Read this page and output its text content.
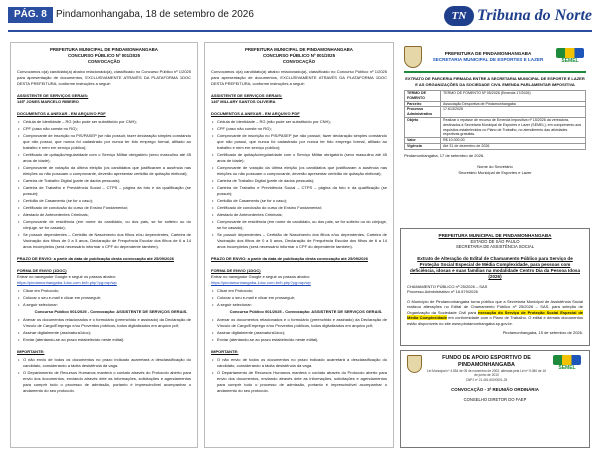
PÁG. 8 Pindamonhangaba, 18 de setembro de 2026	TN Tribuna do Norte
PREFEITURA MUNICIPAL DE PINDAMONHANGABA
CONCURSO PÚBLICO Nº 001/2025
CONVOCAÇÃO

Convocamos o(a) candidato(a) abaixo relacionado(a), classificado no Concurso Público nº 1/2025 para apresentação de documentos, EXCLUSIVAMENTE ATRAVÉS DA PLATAFORMA 1DOC DESTA PREFEITURA, conforme instruções a seguir:

ASSISTENTE DE SERVIÇOS GERAIS:

145º JONES MARCELO RIBEIRO

DOCUMENTOS A ANEXAR - EM ARQUIVO PDF

• Cédula de Identidade – RG (não pode ser substituído por CNH);
• CPF (caso não conste no RG);
• Comprovante de inscrição no PIS/PASEP (se não possuir, fazer declaração simples constando que não possui, que nunca foi cadastrado por nunca ter tido emprego formal, afiliado ao trabalho e nem em serviço público);
• Certificado de quitação/regularidade com o Serviço Militar obrigatório (sexo masculino até 45 anos de idade);
• Comprovante de votação da última eleição (os candidatos que justificaram a ausência nas eleições ou não possuam o comprovante, deverão apresentar certidão de quitação eleitoral);
• Carteira de Trabalho Digital (parte de dados pessoais);
• Carteira de Trabalho e Previdência Social – CTPS – página da foto e da qualificação (se possuir);
• Certidão de Casamento (se for o caso);
• Certificado de conclusão do curso de Ensino Fundamental;
• Atestado de Antecedentes Criminais;
• Comprovante de residência (em nome do candidato, ou dos pais, se for solteiro ou do cônjuge, se for casado);
• Se possuir dependentes – Certidão de Nascimento dos filhos e/ou dependentes, Carteira de Vacinação dos filhos de 0 a 5 anos, Declaração de Frequência Escolar dos filhos de 6 a 14 anos incompletos (será necessário informar o CPF do dependente também).

PRAZO DE ENVIO: a partir da data de publicação desta convocação até 25/09/2026

FORMA DE ENVIO (1DOC)

Entrar no navegador Google e seguir os passos abaixo:

https://pindamonhangaba.1doc.com.br/b.php?pg=wp/wp

• Clicar em Protocolo;
• Colocar o seu e-mail e clicar em prosseguir;
• A seguir selecionar:

Concurso Público 001/2025 - Convocação: ASSISTENTE DE SERVIÇOS GERAIS.

• Anexar os documentos relacionados e o formulário (preenchido e assinado) da Declaração de Vínculo de Cargo/Emprego e/ou Proventos públicos, todos digitalizados em arquivo pdf;
• Assinar digitalmente (assinatura1doc);
• Enviar (atentando-se ao prazo estabelecido neste edital).

IMPORTANTE:

• O não envio de todos os documentos no prazo indicado acarretará a desclassificação do candidato, considerando a tácita desistência da vaga.
• O Departamento de Recursos Humanos manterá o contato através do Protocolo aberto para envio dos documentos, enviando através dele as informações, solicitações e agendamentos para cumprir todo o processo de admissão, portanto é imprescindível acompanhar o andamento do seu protocolo.
PREFEITURA MUNICIPAL DE PINDAMONHANGABA
CONCURSO PÚBLICO Nº 001/2025
CONVOCAÇÃO

Convocamos o(a) candidato(a) abaixo relacionado(a), classificado no Concurso Público nº 1/2025 para apresentação de documentos, EXCLUSIVAMENTE ATRAVÉS DA PLATAFORMA 1DOC DESTA PREFEITURA, conforme instruções a seguir:

ASSISTENTE DE SERVIÇOS GERAIS:

146º MILLARY SANTOS OLIVEIRA

DOCUMENTOS A ANEXAR - EM ARQUIVO PDF

• Cédula de Identidade – RG (não pode ser substituído por CNH);
• CPF (caso não conste no RG);
• Comprovante de inscrição no PIS/PASEP (se não possuir, fazer declaração simples constando que não possui, que nunca foi cadastrado por nunca ter tido emprego formal, afiliado ao trabalho e nem em serviço público);
• Certificado de quitação/regularidade com o Serviço Militar obrigatório (sexo masculino até 45 anos de idade);
• Comprovante de votação da última eleição (os candidatos que justificaram a ausência nas eleições ou não possuam o comprovante, deverão apresentar certidão de quitação eleitoral);
• Carteira de Trabalho Digital (parte de dados pessoais);
• Carteira de Trabalho e Previdência Social – CTPS – página da foto e da qualificação (se possuir);
• Certidão de Casamento (se for o caso);
• Certificado de conclusão do curso de Ensino Fundamental;
• Atestado de Antecedentes Criminais;
• Comprovante de residência (em nome do candidato, ou dos pais, se for solteiro ou do cônjuge, se for casado);
• Se possuir dependentes – Certidão de Nascimento dos filhos e/ou dependentes, Carteira de Vacinação dos filhos de 0 a 5 anos, Declaração de Frequência Escolar dos filhos de 6 a 14 anos incompletos (será necessário informar o CPF do dependente também).

PRAZO DE ENVIO: a partir da data de publicação desta convocação até 25/09/2026

FORMA DE ENVIO (1DOC)

Entrar no navegador Google e seguir os passos abaixo:

https://pindamonhangaba.1doc.com.br/b.php?pg=wp/wp

• Clicar em Protocolo;
• Colocar o seu e-mail e clicar em prosseguir;
• A seguir selecionar:

Concurso Público 001/2025 - Convocação: ASSISTENTE DE SERVIÇOS GERAIS.

• Anexar os documentos relacionados e o formulário (preenchido e assinado) da Declaração de Vínculo de Cargo/Emprego e/ou Proventos públicos, todos digitalizados em arquivo pdf;
• Assinar digitalmente (assinatura1doc);
• Enviar (atentando-se ao prazo estabelecido neste edital).

IMPORTANTE:

• O não envio de todos os documentos no prazo indicado acarretará a desclassificação do candidato, considerando a tácita desistência da vaga.
• O Departamento de Recursos Humanos manterá o contato através do Protocolo aberto para envio dos documentos, enviando através dele as informações, solicitações e agendamentos para cumprir todo o processo de admissão, portanto é imprescindível acompanhar o andamento do seu protocolo.
PREFEITURA DE PINDAMONHANGABA
SECRETARIA MUNICIPAL DE ESPORTES E LAZER	SEMEL
EXTRATO DE PARCERIA FIRMADA ENTRE A SECRETARIA MUNICIPAL DE ESPORTE E LAZER E AS ORGANIZAÇÕES DA SOCIEDADE CIVIL EMENDA PARLAMENTAR IMPOSITIVA
TERMO DE FOMENTO	TERMO DE FOMENTO Nº 05/2026 (Emenda 17/2026)
Parceiro	Associação Desportiva de Pindamonhangaba
Processo Administrativo	17.613/2026
Objeto	Realizar o repasse de recurso de Emenda Impositiva nº 15/2026 da vereadora, destinados à Secretaria Municipal de Esportes e Lazer (SEMEL), em cumprimento aos requisitos estabelecidos no Plano de Trabalho, no atendimento das atividades esportivas gratuitas.
Valor	R$ 10.000,00
Vigência	Até 31 de dezembro de 2026

Pindamonhangaba, 17 de setembro de 2026.

Nome do Secretário
Secretário Municipal de Esportes e Lazer
PREFEITURA MUNICIPAL DE PINDAMONHANGABA
ESTADO DE SÃO PAULO
SECRETARIA DE ASSISTÊNCIA SOCIAL
Extrato de Alteração do Edital de Chamamento Público para Serviço de Proteção Social Especial de Média Complexidade, para pessoas com deficiência, idosas e suas famílias na modalidade Centro Dia da Pessoa Idosa (2026)

CHAMAMENTO PÚBLICO nº 25/2026 – SAS

Processo Administrativo nº 16.579/2026

O Município de Pindamonhangaba torna público que a Secretaria Municipal de Assistência Social realizou alterações no Edital de Chamamento Público nº 25/2026 – SAS, para seleção de Organização da Sociedade Civil para execução do Serviço de Proteção Social Especial de Média Complexidade em conformidade com o Plano de Trabalho. O edital e demais documentos estão disponíveis no site www.pindamonhangaba.sp.gov.br.

Pindamonhangaba, 15 de setembro de 2026.

FUNDO DE APOIO ESPORTIVO DE PINDAMONHANGABA
Lei Municipal nº 4.554 de 05 de novembro de 2003, alterada pela Lei nº 5.080 de 16 de junho de 2010
CNPJ nº 21.461.600/0001-25
SEMEL
CONVOCAÇÃO - 3ª REUNIÃO ORDINÁRIA
CONSELHO DIRETOR DO FAEP
